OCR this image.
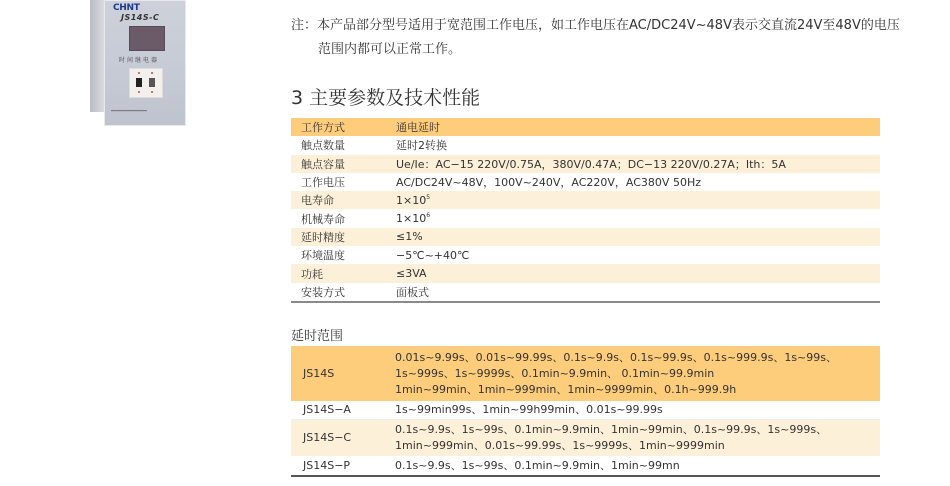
CHNT
JS14S-C
时间继电器
━━━━━━━━━━━━━━━━━
注：本产品部分型号适用于宽范围工作电压，如工作电压在AC/DC24V~48V表示交直流24V至48V的电压
范围内都可以正常工作。
3 主要参数及技术性能
工作方式	通电延时
触点数量	延时2转换
触点容量	Ue/Ie：AC−15 220V/0.75A，380V/0.47A；DC−13 220V/0.27A；Ith：5A
工作电压	AC/DC24V~48V，100V~240V，AC220V，AC380V 50Hz
电寿命	$1\times 10^5$
机械寿命	$1\times 10^6$
延时精度	≤1%
环境温度	−5℃~+40℃
功耗	≤3VA
安装方式	面板式
延时范围
JS14S	0.01s~9.99s、0.01s~99.99s、0.1s~9.9s、0.1s~99.9s、0.1s~999.9s、1s~99s、
1s~999s、1s~9999s、0.1min~9.9min、 0.1min~99.9min
1min~99min、1min~999min、1min~9999min、0.1h~999.9h

JS14S−A	1s~99min99s、1min~99h99min、0.01s~99.99s

JS14S−C	0.1s~9.9s、1s~99s、0.1min~9.9min、1min~99min、0.1s~99.9s、1s~999s、
1min~999min、0.01s~99.99s、1s~9999s、1min~9999min

JS14S−P	0.1s~9.9s、1s~99s、0.1min~9.9min、1min~99mn
